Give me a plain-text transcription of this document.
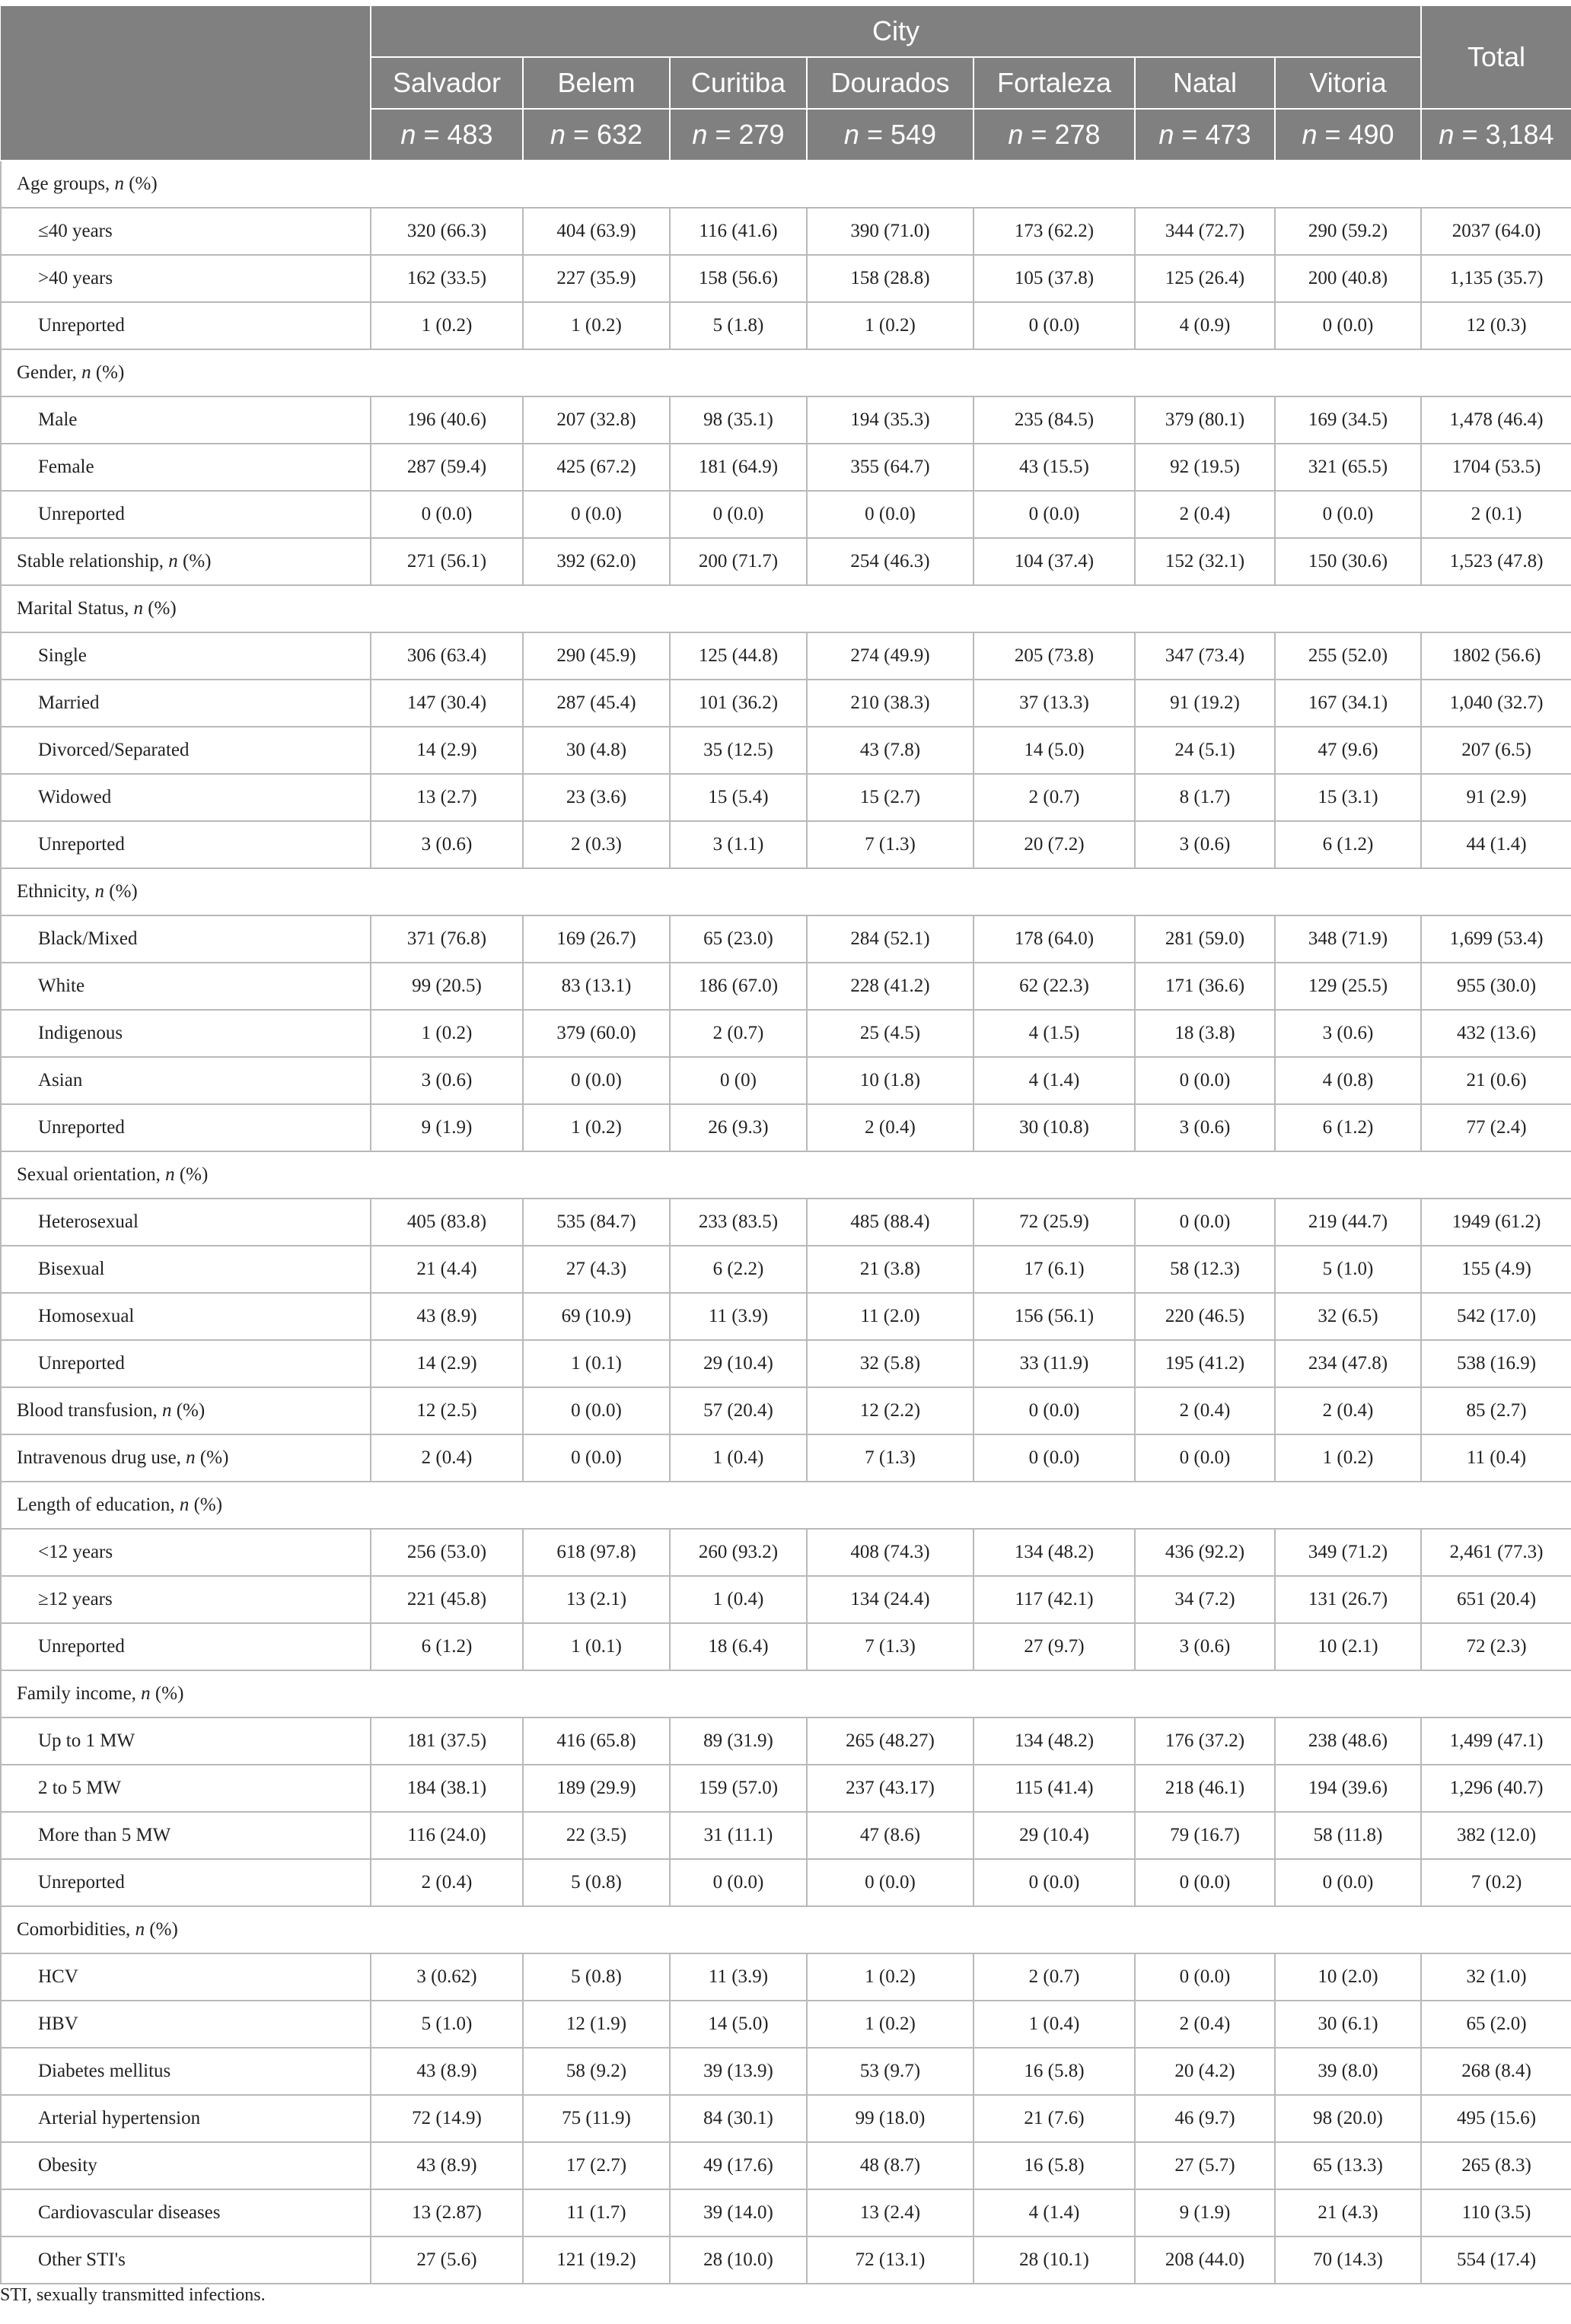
	City							Total
	Salvador	Belem	Curitiba	Dourados	Fortaleza	Natal	Vitoria	
	n = 483	n = 632	n = 279	n = 549	n = 278	n = 473	n = 490	n = 3,184
Age groups, n (%)								
≤40 years	320 (66.3)	404 (63.9)	116 (41.6)	390 (71.0)	173 (62.2)	344 (72.7)	290 (59.2)	2037 (64.0)
>40 years	162 (33.5)	227 (35.9)	158 (56.6)	158 (28.8)	105 (37.8)	125 (26.4)	200 (40.8)	1,135 (35.7)
Unreported	1 (0.2)	1 (0.2)	5 (1.8)	1 (0.2)	0 (0.0)	4 (0.9)	0 (0.0)	12 (0.3)
Gender, n (%)								
Male	196 (40.6)	207 (32.8)	98 (35.1)	194 (35.3)	235 (84.5)	379 (80.1)	169 (34.5)	1,478 (46.4)
Female	287 (59.4)	425 (67.2)	181 (64.9)	355 (64.7)	43 (15.5)	92 (19.5)	321 (65.5)	1704 (53.5)
Unreported	0 (0.0)	0 (0.0)	0 (0.0)	0 (0.0)	0 (0.0)	2 (0.4)	0 (0.0)	2 (0.1)
Stable relationship, n (%)	271 (56.1)	392 (62.0)	200 (71.7)	254 (46.3)	104 (37.4)	152 (32.1)	150 (30.6)	1,523 (47.8)
Marital Status, n (%)								
Single	306 (63.4)	290 (45.9)	125 (44.8)	274 (49.9)	205 (73.8)	347 (73.4)	255 (52.0)	1802 (56.6)
Married	147 (30.4)	287 (45.4)	101 (36.2)	210 (38.3)	37 (13.3)	91 (19.2)	167 (34.1)	1,040 (32.7)
Divorced/Separated	14 (2.9)	30 (4.8)	35 (12.5)	43 (7.8)	14 (5.0)	24 (5.1)	47 (9.6)	207 (6.5)
Widowed	13 (2.7)	23 (3.6)	15 (5.4)	15 (2.7)	2 (0.7)	8 (1.7)	15 (3.1)	91 (2.9)
Unreported	3 (0.6)	2 (0.3)	3 (1.1)	7 (1.3)	20 (7.2)	3 (0.6)	6 (1.2)	44 (1.4)
Ethnicity, n (%)								
Black/Mixed	371 (76.8)	169 (26.7)	65 (23.0)	284 (52.1)	178 (64.0)	281 (59.0)	348 (71.9)	1,699 (53.4)
White	99 (20.5)	83 (13.1)	186 (67.0)	228 (41.2)	62 (22.3)	171 (36.6)	129 (25.5)	955 (30.0)
Indigenous	1 (0.2)	379 (60.0)	2 (0.7)	25 (4.5)	4 (1.5)	18 (3.8)	3 (0.6)	432 (13.6)
Asian	3 (0.6)	0 (0.0)	0 (0)	10 (1.8)	4 (1.4)	0 (0.0)	4 (0.8)	21 (0.6)
Unreported	9 (1.9)	1 (0.2)	26 (9.3)	2 (0.4)	30 (10.8)	3 (0.6)	6 (1.2)	77 (2.4)
Sexual orientation, n (%)								
Heterosexual	405 (83.8)	535 (84.7)	233 (83.5)	485 (88.4)	72 (25.9)	0 (0.0)	219 (44.7)	1949 (61.2)
Bisexual	21 (4.4)	27 (4.3)	6 (2.2)	21 (3.8)	17 (6.1)	58 (12.3)	5 (1.0)	155 (4.9)
Homosexual	43 (8.9)	69 (10.9)	11 (3.9)	11 (2.0)	156 (56.1)	220 (46.5)	32 (6.5)	542 (17.0)
Unreported	14 (2.9)	1 (0.1)	29 (10.4)	32 (5.8)	33 (11.9)	195 (41.2)	234 (47.8)	538 (16.9)
Blood transfusion, n (%)	12 (2.5)	0 (0.0)	57 (20.4)	12 (2.2)	0 (0.0)	2 (0.4)	2 (0.4)	85 (2.7)
Intravenous drug use, n (%)	2 (0.4)	0 (0.0)	1 (0.4)	7 (1.3)	0 (0.0)	0 (0.0)	1 (0.2)	11 (0.4)
Length of education, n (%)								
<12 years	256 (53.0)	618 (97.8)	260 (93.2)	408 (74.3)	134 (48.2)	436 (92.2)	349 (71.2)	2,461 (77.3)
≥12 years	221 (45.8)	13 (2.1)	1 (0.4)	134 (24.4)	117 (42.1)	34 (7.2)	131 (26.7)	651 (20.4)
Unreported	6 (1.2)	1 (0.1)	18 (6.4)	7 (1.3)	27 (9.7)	3 (0.6)	10 (2.1)	72 (2.3)
Family income, n (%)								
Up to 1 MW	181 (37.5)	416 (65.8)	89 (31.9)	265 (48.27)	134 (48.2)	176 (37.2)	238 (48.6)	1,499 (47.1)
2 to 5 MW	184 (38.1)	189 (29.9)	159 (57.0)	237 (43.17)	115 (41.4)	218 (46.1)	194 (39.6)	1,296 (40.7)
More than 5 MW	116 (24.0)	22 (3.5)	31 (11.1)	47 (8.6)	29 (10.4)	79 (16.7)	58 (11.8)	382 (12.0)
Unreported	2 (0.4)	5 (0.8)	0 (0.0)	0 (0.0)	0 (0.0)	0 (0.0)	0 (0.0)	7 (0.2)
Comorbidities, n (%)								
HCV	3 (0.62)	5 (0.8)	11 (3.9)	1 (0.2)	2 (0.7)	0 (0.0)	10 (2.0)	32 (1.0)
HBV	5 (1.0)	12 (1.9)	14 (5.0)	1 (0.2)	1 (0.4)	2 (0.4)	30 (6.1)	65 (2.0)
Diabetes mellitus	43 (8.9)	58 (9.2)	39 (13.9)	53 (9.7)	16 (5.8)	20 (4.2)	39 (8.0)	268 (8.4)
Arterial hypertension	72 (14.9)	75 (11.9)	84 (30.1)	99 (18.0)	21 (7.6)	46 (9.7)	98 (20.0)	495 (15.6)
Obesity	43 (8.9)	17 (2.7)	49 (17.6)	48 (8.7)	16 (5.8)	27 (5.7)	65 (13.3)	265 (8.3)
Cardiovascular diseases	13 (2.87)	11 (1.7)	39 (14.0)	13 (2.4)	4 (1.4)	9 (1.9)	21 (4.3)	110 (3.5)
Other STI's	27 (5.6)	121 (19.2)	28 (10.0)	72 (13.1)	28 (10.1)	208 (44.0)	70 (14.3)	554 (17.4)
STI, sexually transmitted infections.
